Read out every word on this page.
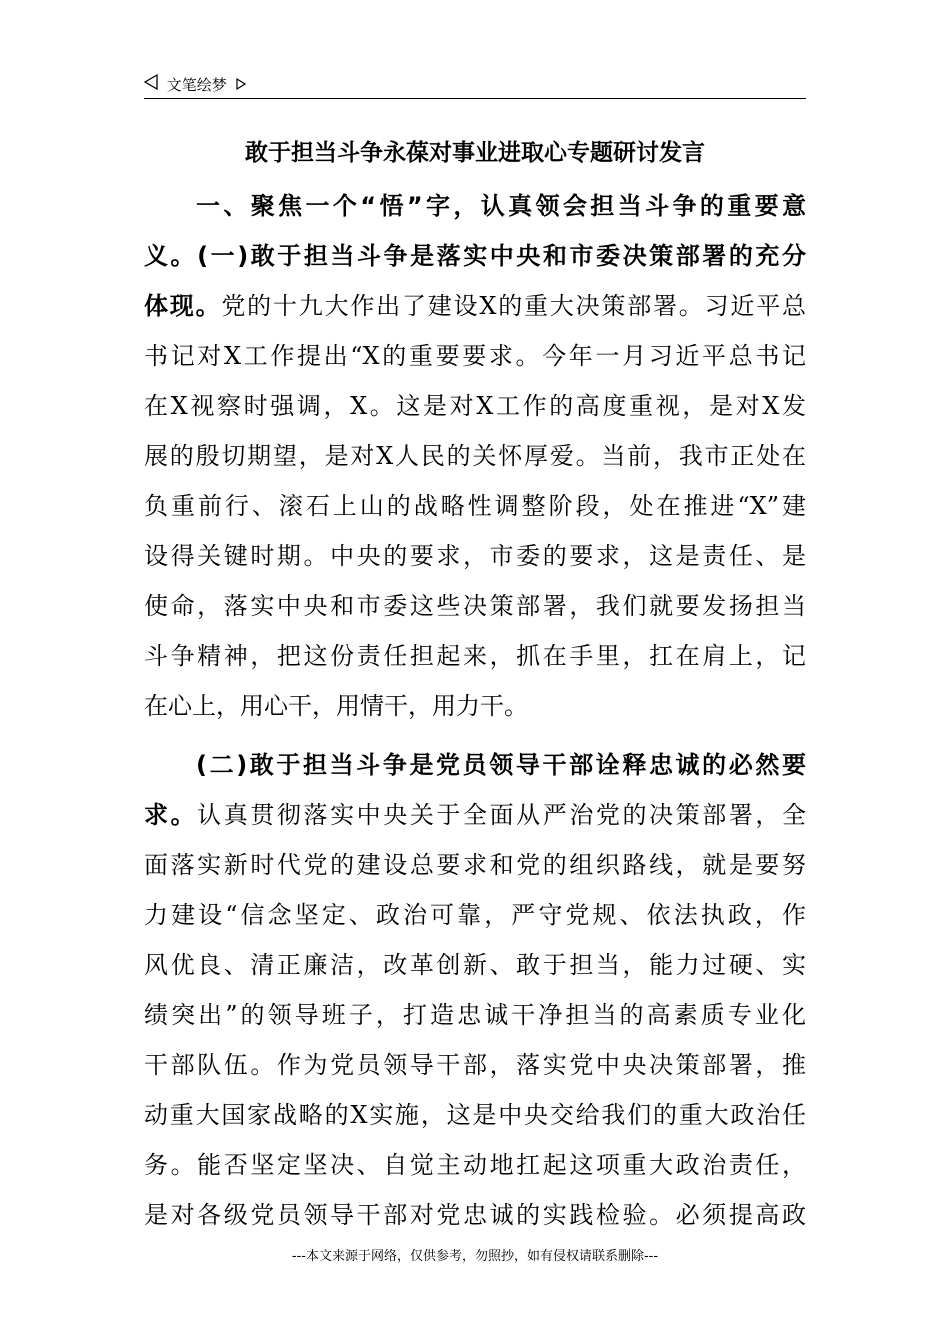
文笔绘梦
敢于担当斗争永葆对事业进取心专题研讨发言
一、聚焦一个“悟”字，认真领会担当斗争的重要意
义。(一)敢于担当斗争是落实中央和市委决策部署的充分
体现。党的十九大作出了建设X的重大决策部署。习近平总
书记对X工作提出“X的重要要求。今年一月习近平总书记
在X视察时强调，X。这是对X工作的高度重视，是对X发
展的殷切期望，是对X人民的关怀厚爱。当前，我市正处在
负重前行、滚石上山的战略性调整阶段，处在推进“X”建
设得关键时期。中央的要求，市委的要求，这是责任、是
使命，落实中央和市委这些决策部署，我们就要发扬担当
斗争精神，把这份责任担起来，抓在手里，扛在肩上，记
在心上，用心干，用情干，用力干。
(二)敢于担当斗争是党员领导干部诠释忠诚的必然要
求。认真贯彻落实中央关于全面从严治党的决策部署，全
面落实新时代党的建设总要求和党的组织路线，就是要努
力建设“信念坚定、政治可靠，严守党规、依法执政，作
风优良、清正廉洁，改革创新、敢于担当，能力过硬、实
绩突出”的领导班子，打造忠诚干净担当的高素质专业化
干部队伍。作为党员领导干部，落实党中央决策部署，推
动重大国家战略的X实施，这是中央交给我们的重大政治任
务。能否坚定坚决、自觉主动地扛起这项重大政治责任，
是对各级党员领导干部对党忠诚的实践检验。必须提高政
---本文来源于网络，仅供参考，勿照抄，如有侵权请联系删除---
